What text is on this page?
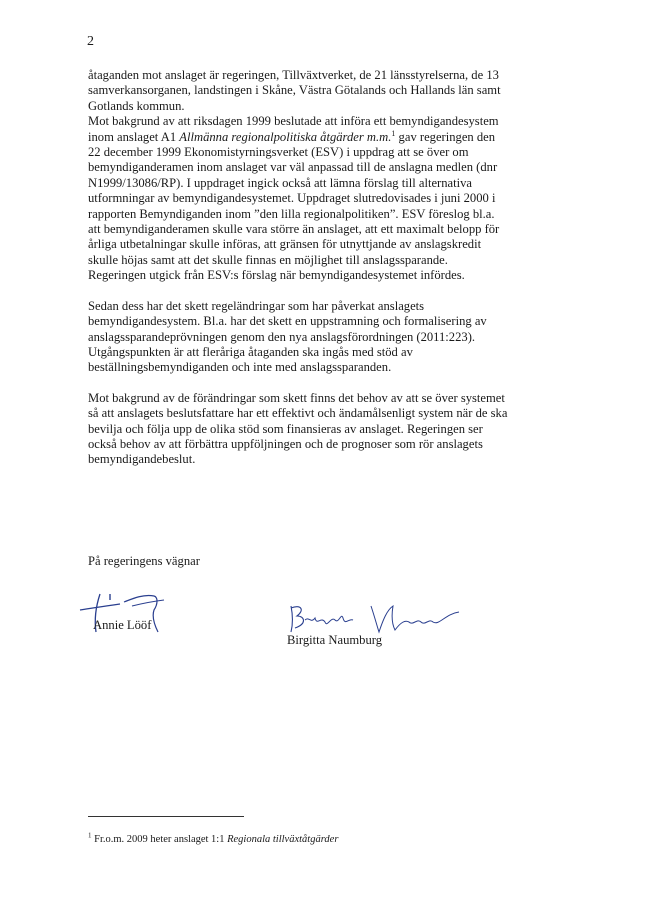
2

åtaganden mot anslaget är regeringen, Tillväxtverket, de 21 länsstyrelserna, de 13 samverkansorganen, landstingen i Skåne, Västra Götalands och Hallands län samt Gotlands kommun.

Mot bakgrund av att riksdagen 1999 beslutade att införa ett bemyndigandesystem inom anslaget A1 Allmänna regionalpolitiska åtgärder m.m.$^1$ gav regeringen den 22 december 1999 Ekonomistyrningsverket (ESV) i uppdrag att se över om bemyndiganderamen inom anslaget var väl anpassad till de anslagna medlen (dnr N1999/13086/RP). I uppdraget ingick också att lämna förslag till alternativa utformningar av bemyndigandesystemet. Uppdraget slutredovisades i juni 2000 i rapporten Bemyndiganden inom ”den lilla regionalpolitiken”. ESV föreslog bl.a. att bemyndiganderamen skulle vara större än anslaget, att ett maximalt belopp för årliga utbetalningar skulle införas, att gränsen för utnyttjande av anslagskredit skulle höjas samt att det skulle finnas en möjlighet till anslagssparande. Regeringen utgick från ESV:s förslag när bemyndigandesystemet infördes.

Sedan dess har det skett regeländringar som har påverkat anslagets bemyndigandesystem. Bl.a. har det skett en uppstramning och formalisering av anslagssparandeprövningen genom den nya anslagsförordningen (2011:223). Utgångspunkten är att fleråriga åtaganden ska ingås med stöd av beställningsbemyndiganden och inte med anslagssparanden.

Mot bakgrund av de förändringar som skett finns det behov av att se över systemet så att anslagets beslutsfattare har ett effektivt och ändamålsenligt system när de ska bevilja och följa upp de olika stöd som finansieras av anslaget. Regeringen ser också behov av att förbättra uppföljningen och de prognoser som rör anslagets bemyndigandebeslut.

På regeringens vägnar
Annie Lööf
Birgitta Naumburg
$^1$ Fr.o.m. 2009 heter anslaget 1:1 Regionala tillväxtåtgärder
